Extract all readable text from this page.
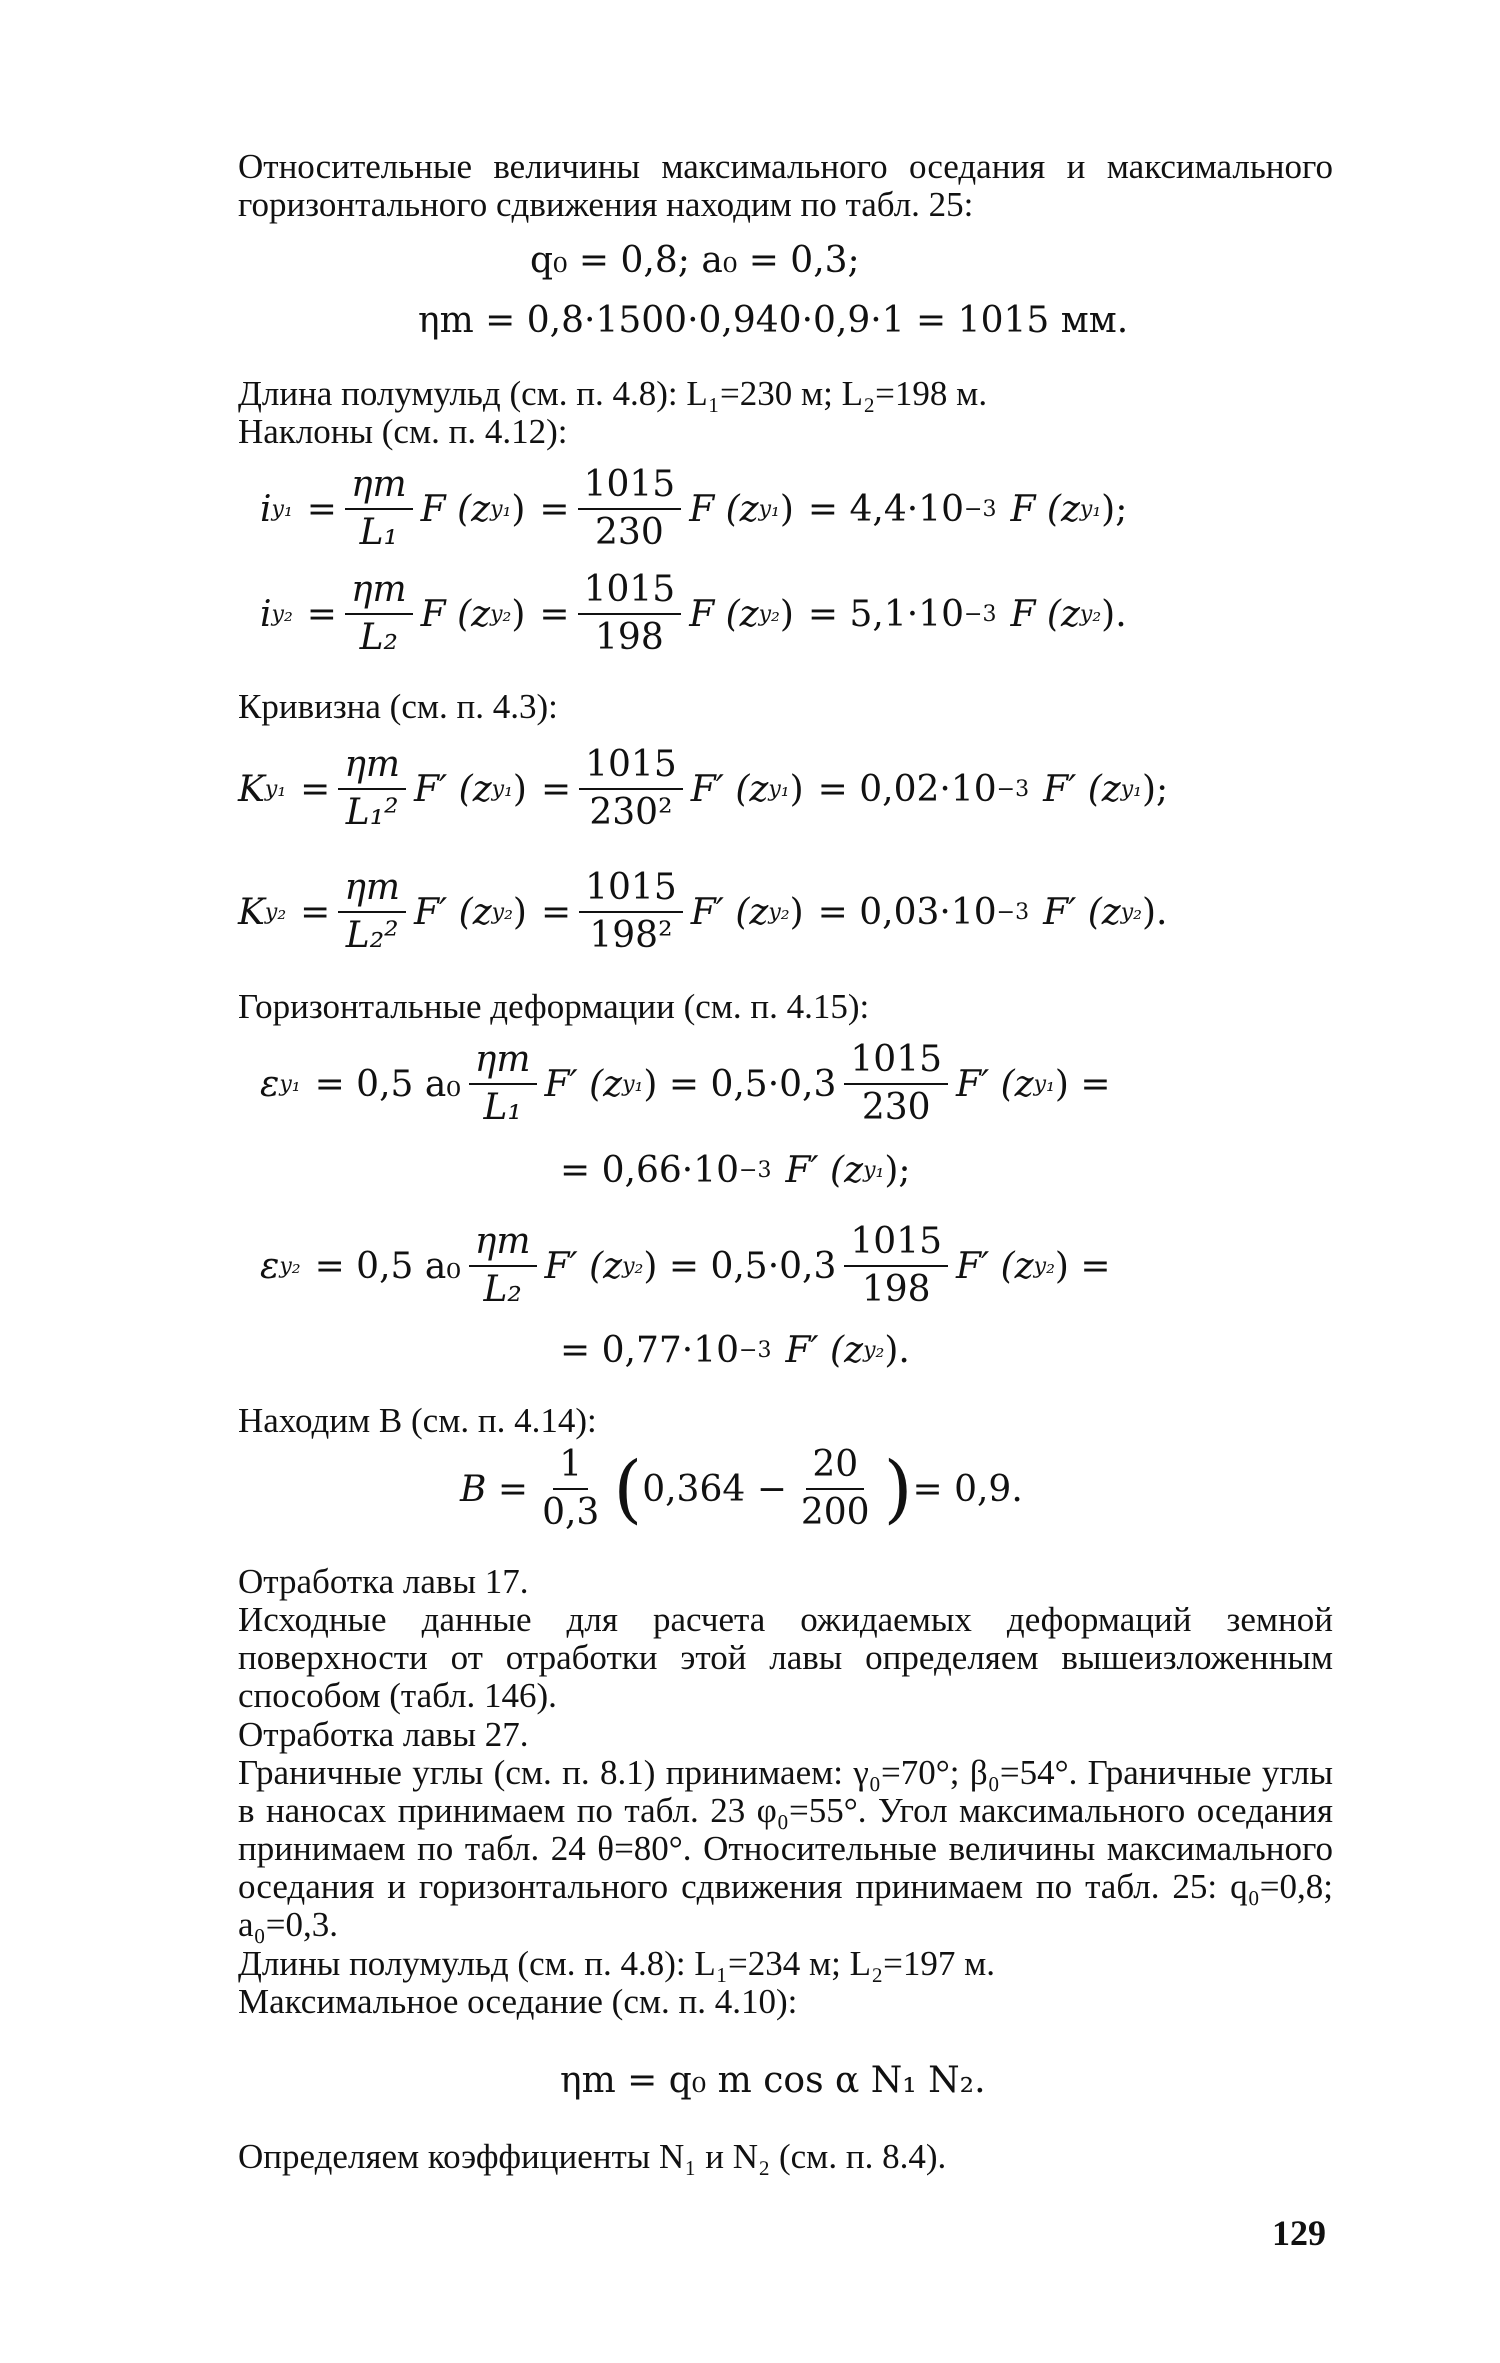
Относительные величины максимального оседания и максимального горизонтального сдвижения находим по табл. 25:
q₀ = 0,8; a₀ = 0,3;
ηm = 0,8·1500·0,940·0,9·1 = 1015 мм.
Длина полумульд (см. п. 4.8): L₁=230 м; L₂=198 м.
Наклоны (см. п. 4.12):
i $y_1 = \frac{\eta m}{\text{L₁}}$ F (z y₁ ) = $\frac{1015}{230}$ F (z y₁ ) = 4,4·10 −3 F (z y₁ );
i $y_2 = \frac{\eta m}{\text{L₂}}$ F (z y₂ ) = $\frac{1015}{198}$ F (z y₂ ) = 5,1·10 −3 F (z y₂ ).
Кривизна (см. п. 4.3):
K $y_1 = \frac{\eta m}{\text{L₁²}} F'$ (z y₁ ) = $\frac{1015}{\text{230²}} F'$ (z y₁ ) = 0,02·10 −3 F′ (z y₁ );
K $y_2 = \frac{\eta m}{\text{L₂²}} F'$ (z y₂ ) = $\frac{1015}{\text{198²}} F'$ (z y₂ ) = 0,03·10 −3 F′ (z y₂ ).
Горизонтальные деформации (см. п. 4.15):
ε y₁ = 0,5 $a_0 \frac{\eta m}{\text{L₁}} F'$ (z y₁ ) = $0,5\cdot 0,3 \frac{1015}{230} F'$ (z y₁ ) =
= 0,66·10 −3 F′ (z y₁ );
ε y₂ = 0,5 $a_0 \frac{\eta m}{\text{L₂}} F'$ (z y₂ ) = $0,5\cdot 0,3 \frac{1015}{198} F'$ (z y₂ ) =
= 0,77·10 −3 F′ (z y₂ ).
Находим B (см. п. 4.14):
$B = \frac{1}{0,3}$ ( $0,364 - \frac{20}{200}$ ) = 0,9.
Отработка лавы 17.
Исходные данные для расчета ожидаемых деформаций земной поверхности от отработки этой лавы определяем вышеизложенным способом (табл. 146).
Отработка лавы 27.
Граничные углы (см. п. 8.1) принимаем: γ₀=70°; β₀=54°. Граничные углы в наносах принимаем по табл. 23 φ₀=55°. Угол максимального оседания принимаем по табл. 24 θ=80°. Относительные величины максимального оседания и горизонтального сдвижения принимаем по табл. 25: q₀=0,8; a₀=0,3.
Длины полумульд (см. п. 4.8): L₁=234 м; L₂=197 м.
Максимальное оседание (см. п. 4.10):
ηm = q₀ m cos α N₁ N₂.
Определяем коэффициенты N₁ и N₂ (см. п. 8.4).
129
